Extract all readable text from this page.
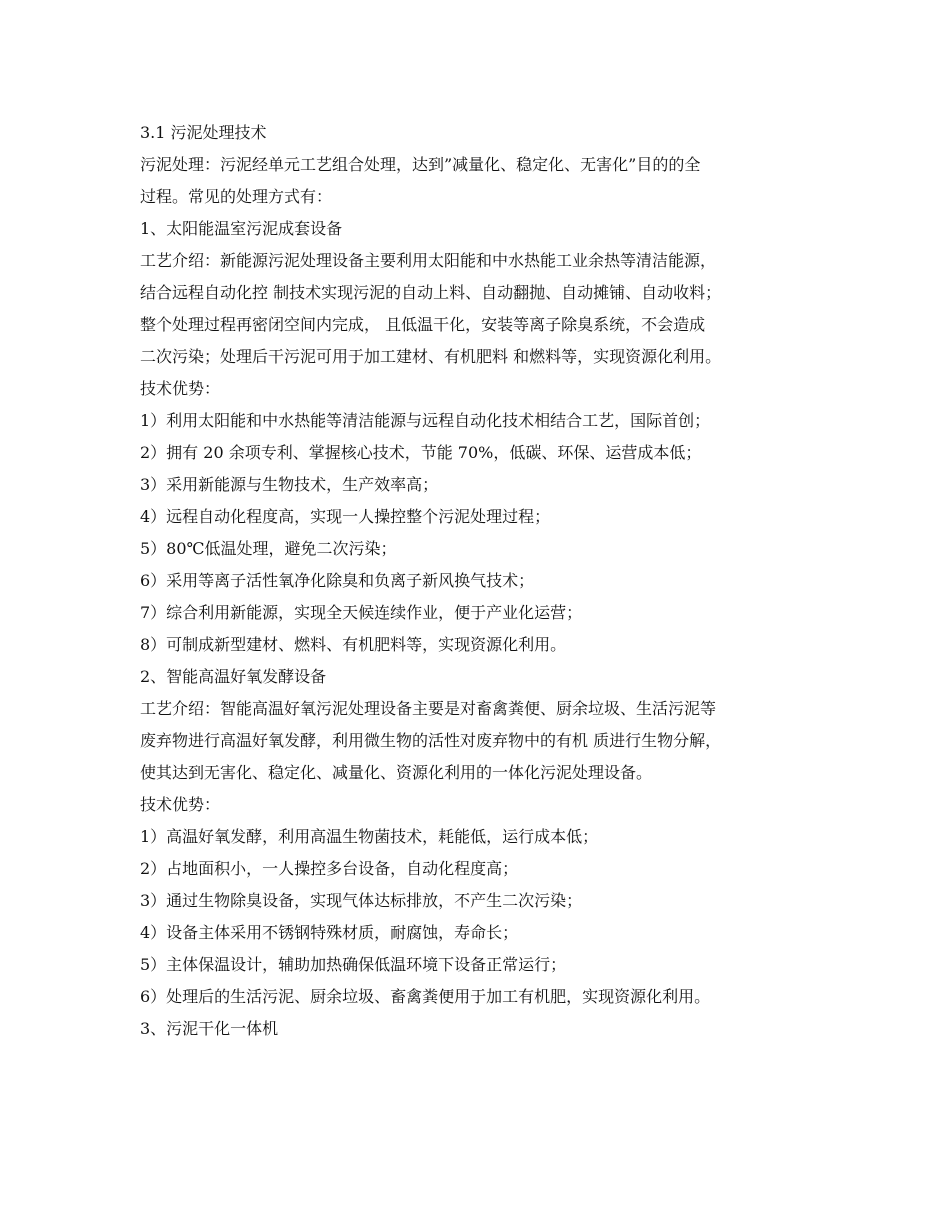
3.1 污泥处理技术
污泥处理：污泥经单元工艺组合处理，达到”减量化、稳定化、无害化”目的的全
过程。常见的处理方式有：
1、太阳能温室污泥成套设备
工艺介绍：新能源污泥处理设备主要利用太阳能和中水热能工业余热等清洁能源，
结合远程自动化控 制技术实现污泥的自动上料、自动翻抛、自动摊铺、自动收料；
整个处理过程再密闭空间内完成， 且低温干化，安装等离子除臭系统，不会造成
二次污染；处理后干污泥可用于加工建材、有机肥料 和燃料等，实现资源化利用。
技术优势：
1）利用太阳能和中水热能等清洁能源与远程自动化技术相结合工艺，国际首创；
2）拥有 20 余项专利、掌握核心技术，节能 70%，低碳、环保、运营成本低；
3）采用新能源与生物技术，生产效率高；
4）远程自动化程度高，实现一人操控整个污泥处理过程；
5）80℃低温处理，避免二次污染；
6）采用等离子活性氧净化除臭和负离子新风换气技术；
7）综合利用新能源，实现全天候连续作业，便于产业化运营；
8）可制成新型建材、燃料、有机肥料等，实现资源化利用。
2、智能高温好氧发酵设备
工艺介绍：智能高温好氧污泥处理设备主要是对畜禽粪便、厨余垃圾、生活污泥等
废弃物进行高温好氧发酵，利用微生物的活性对废弃物中的有机 质进行生物分解，
使其达到无害化、稳定化、减量化、资源化利用的一体化污泥处理设备。
技术优势：
1）高温好氧发酵，利用高温生物菌技术，耗能低，运行成本低；
2）占地面积小，一人操控多台设备，自动化程度高；
3）通过生物除臭设备，实现气体达标排放，不产生二次污染；
4）设备主体采用不锈钢特殊材质，耐腐蚀，寿命长；
5）主体保温设计，辅助加热确保低温环境下设备正常运行；
6）处理后的生活污泥、厨余垃圾、畜禽粪便用于加工有机肥，实现资源化利用。
3、污泥干化一体机
